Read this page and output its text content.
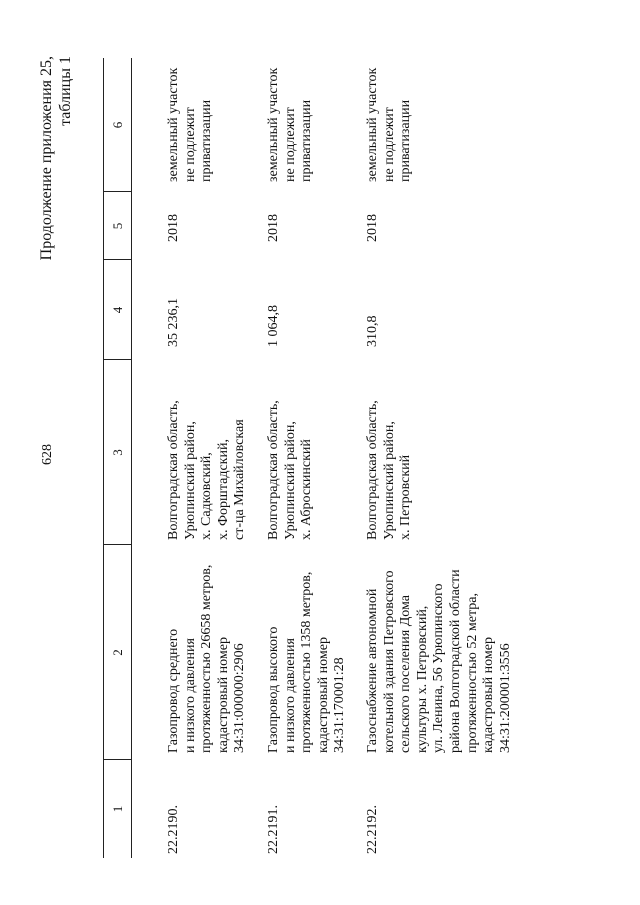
628
Продолжение приложения 25, таблицы 1
1
2
3
4
5
6
22.2190.
Газопровод среднего и низкого давления протяженностью 26658 метров, кадастровый номер 34:31:000000:2906
Волгоградская область, Урюпинский район, х. Садковский, х. Форштадский, ст-ца Михайловская
35 236,1
2018
земельный участок не подлежит приватизации
22.2191.
Газопровод высокого и низкого давления протяженностью 1358 метров, кадастровый номер 34:31:170001:28
Волгоградская область, Урюпинский район, х. Аброскинский
1 064,8
2018
земельный участок не подлежит приватизации
22.2192.
Газоснабжение автономной котельной здания Петровского сельского поселения Дома культуры х. Петровский, ул. Ленина, 56 Урюпинского района Волгоградской области протяженностью 52 метра, кадастровый номер 34:31:200001:3556
Волгоградская область, Урюпинский район, х. Петровский
310,8
2018
земельный участок не подлежит приватизации
